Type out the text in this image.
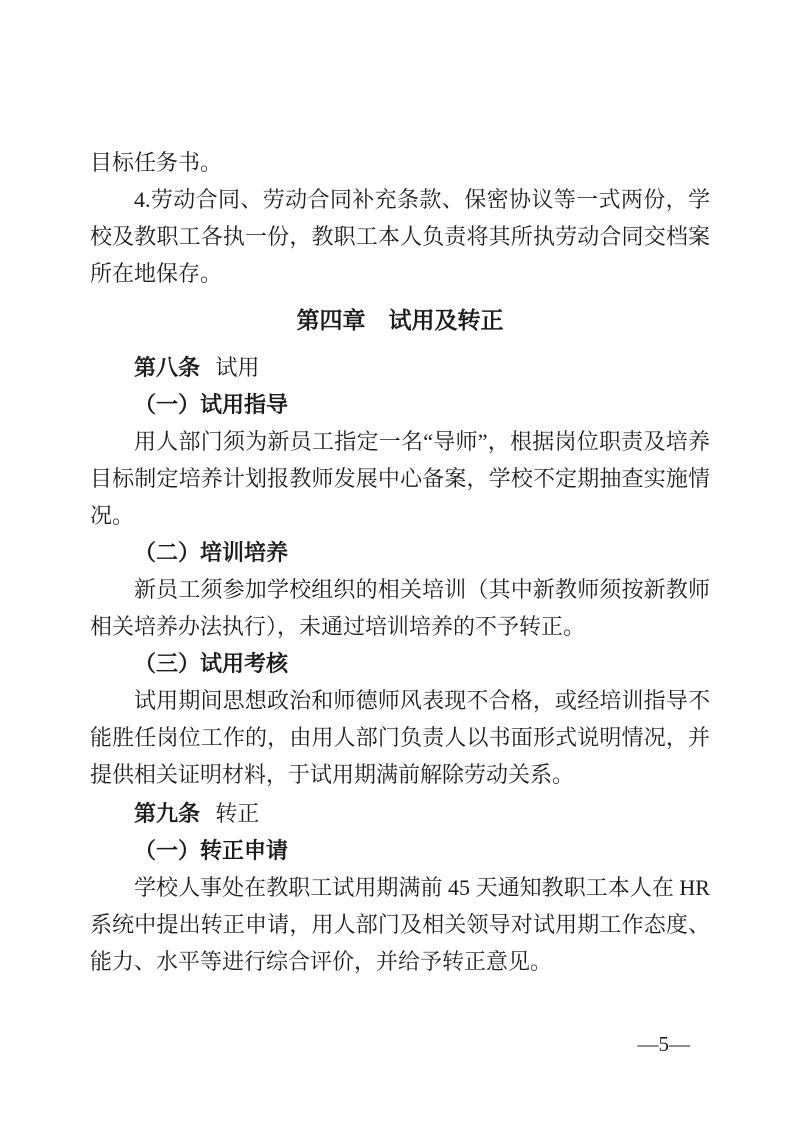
目标任务书。

4.劳动合同、劳动合同补充条款、保密协议等一式两份，学校及教职工各执一份，教职工本人负责将其所执劳动合同交档案所在地保存。

第四章　试用及转正

第八条 试用

（一）试用指导

用人部门须为新员工指定一名“导师”，根据岗位职责及培养目标制定培养计划报教师发展中心备案，学校不定期抽查实施情况。

（二）培训培养

新员工须参加学校组织的相关培训（其中新教师须按新教师相关培养办法执行），未通过培训培养的不予转正。

（三）试用考核

试用期间思想政治和师德师风表现不合格，或经培训指导不能胜任岗位工作的，由用人部门负责人以书面形式说明情况，并提供相关证明材料，于试用期满前解除劳动关系。

第九条 转正

（一）转正申请

学校人事处在教职工试用期满前 45 天通知教职工本人在 HR 系统中提出转正申请，用人部门及相关领导对试用期工作态度、能力、水平等进行综合评价，并给予转正意见。

—5—
